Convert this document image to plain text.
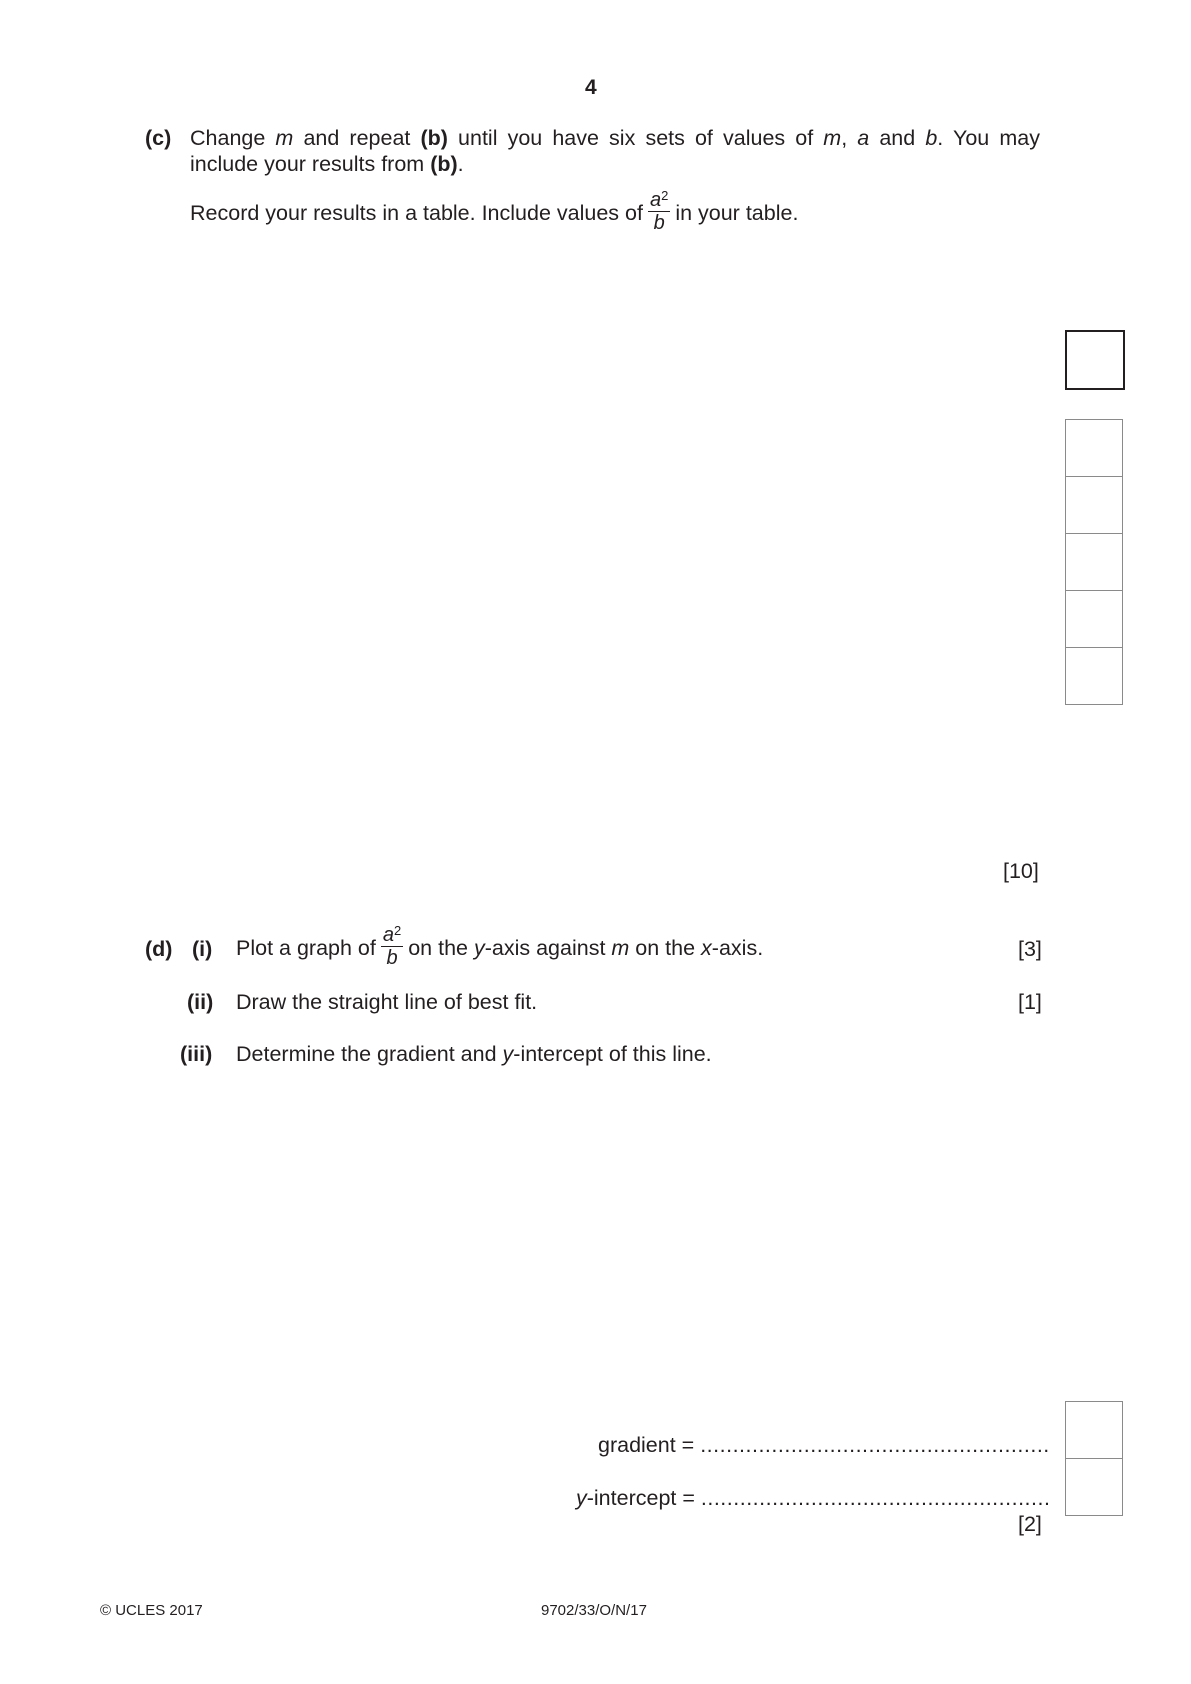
4
(c) Change m and repeat (b) until you have six sets of values of m, a and b. You may
include your results from (b).
Record your results in a table. Include values of $\frac{a^2}{b}$ in your table.
[10]
(d) (i) Plot a graph of $\frac{a^2}{b}$ on the y-axis against m on the x-axis.	[3]
(ii) Draw the straight line of best fit.	[1]
(iii) Determine the gradient and y-intercept of this line.
gradient = ......................................................
y-intercept = ......................................................
[2]
© UCLES 2017	9702/33/O/N/17
